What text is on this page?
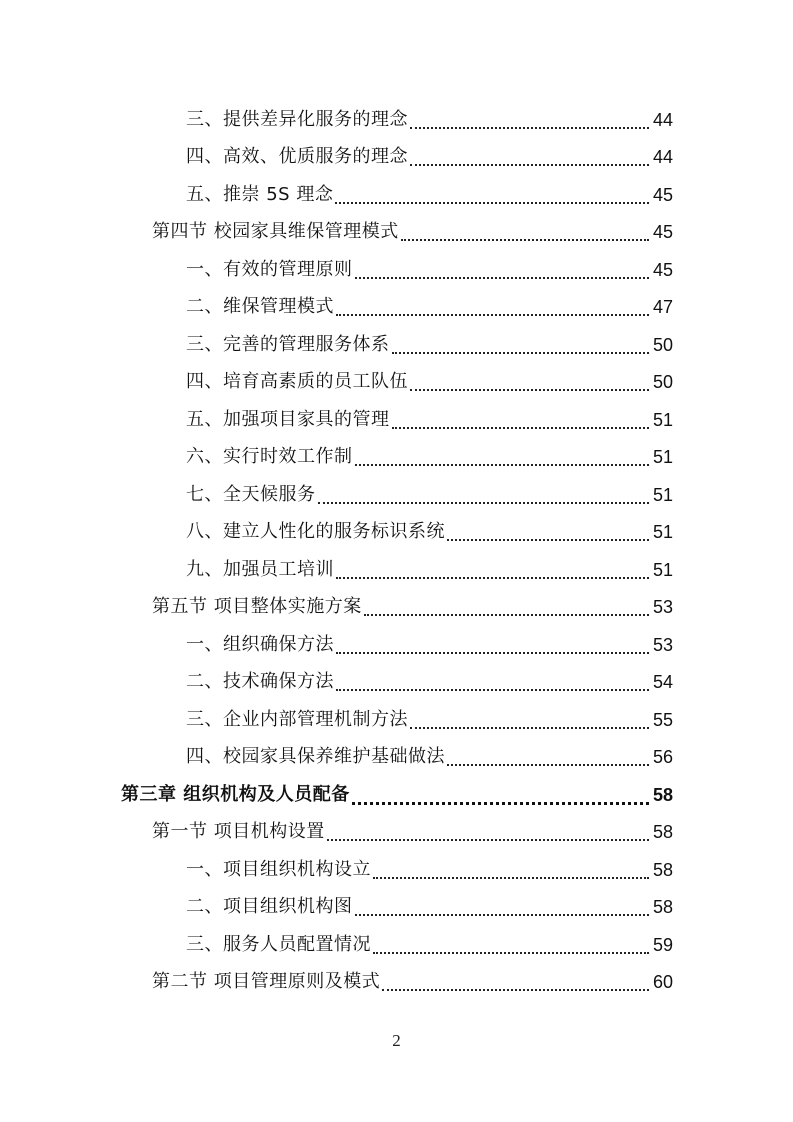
三、提供差异化服务的理念	44
四、高效、优质服务的理念	44
五、推崇 5S 理念	45
第四节 校园家具维保管理模式	45
一、有效的管理原则	45
二、维保管理模式	47
三、完善的管理服务体系	50
四、培育高素质的员工队伍	50
五、加强项目家具的管理	51
六、实行时效工作制	51
七、全天候服务	51
八、建立人性化的服务标识系统	51
九、加强员工培训	51
第五节 项目整体实施方案	53
一、组织确保方法	53
二、技术确保方法	54
三、企业内部管理机制方法	55
四、校园家具保养维护基础做法	56
第三章 组织机构及人员配备	58
第一节 项目机构设置	58
一、项目组织机构设立	58
二、项目组织机构图	58
三、服务人员配置情况	59
第二节 项目管理原则及模式	60
2
